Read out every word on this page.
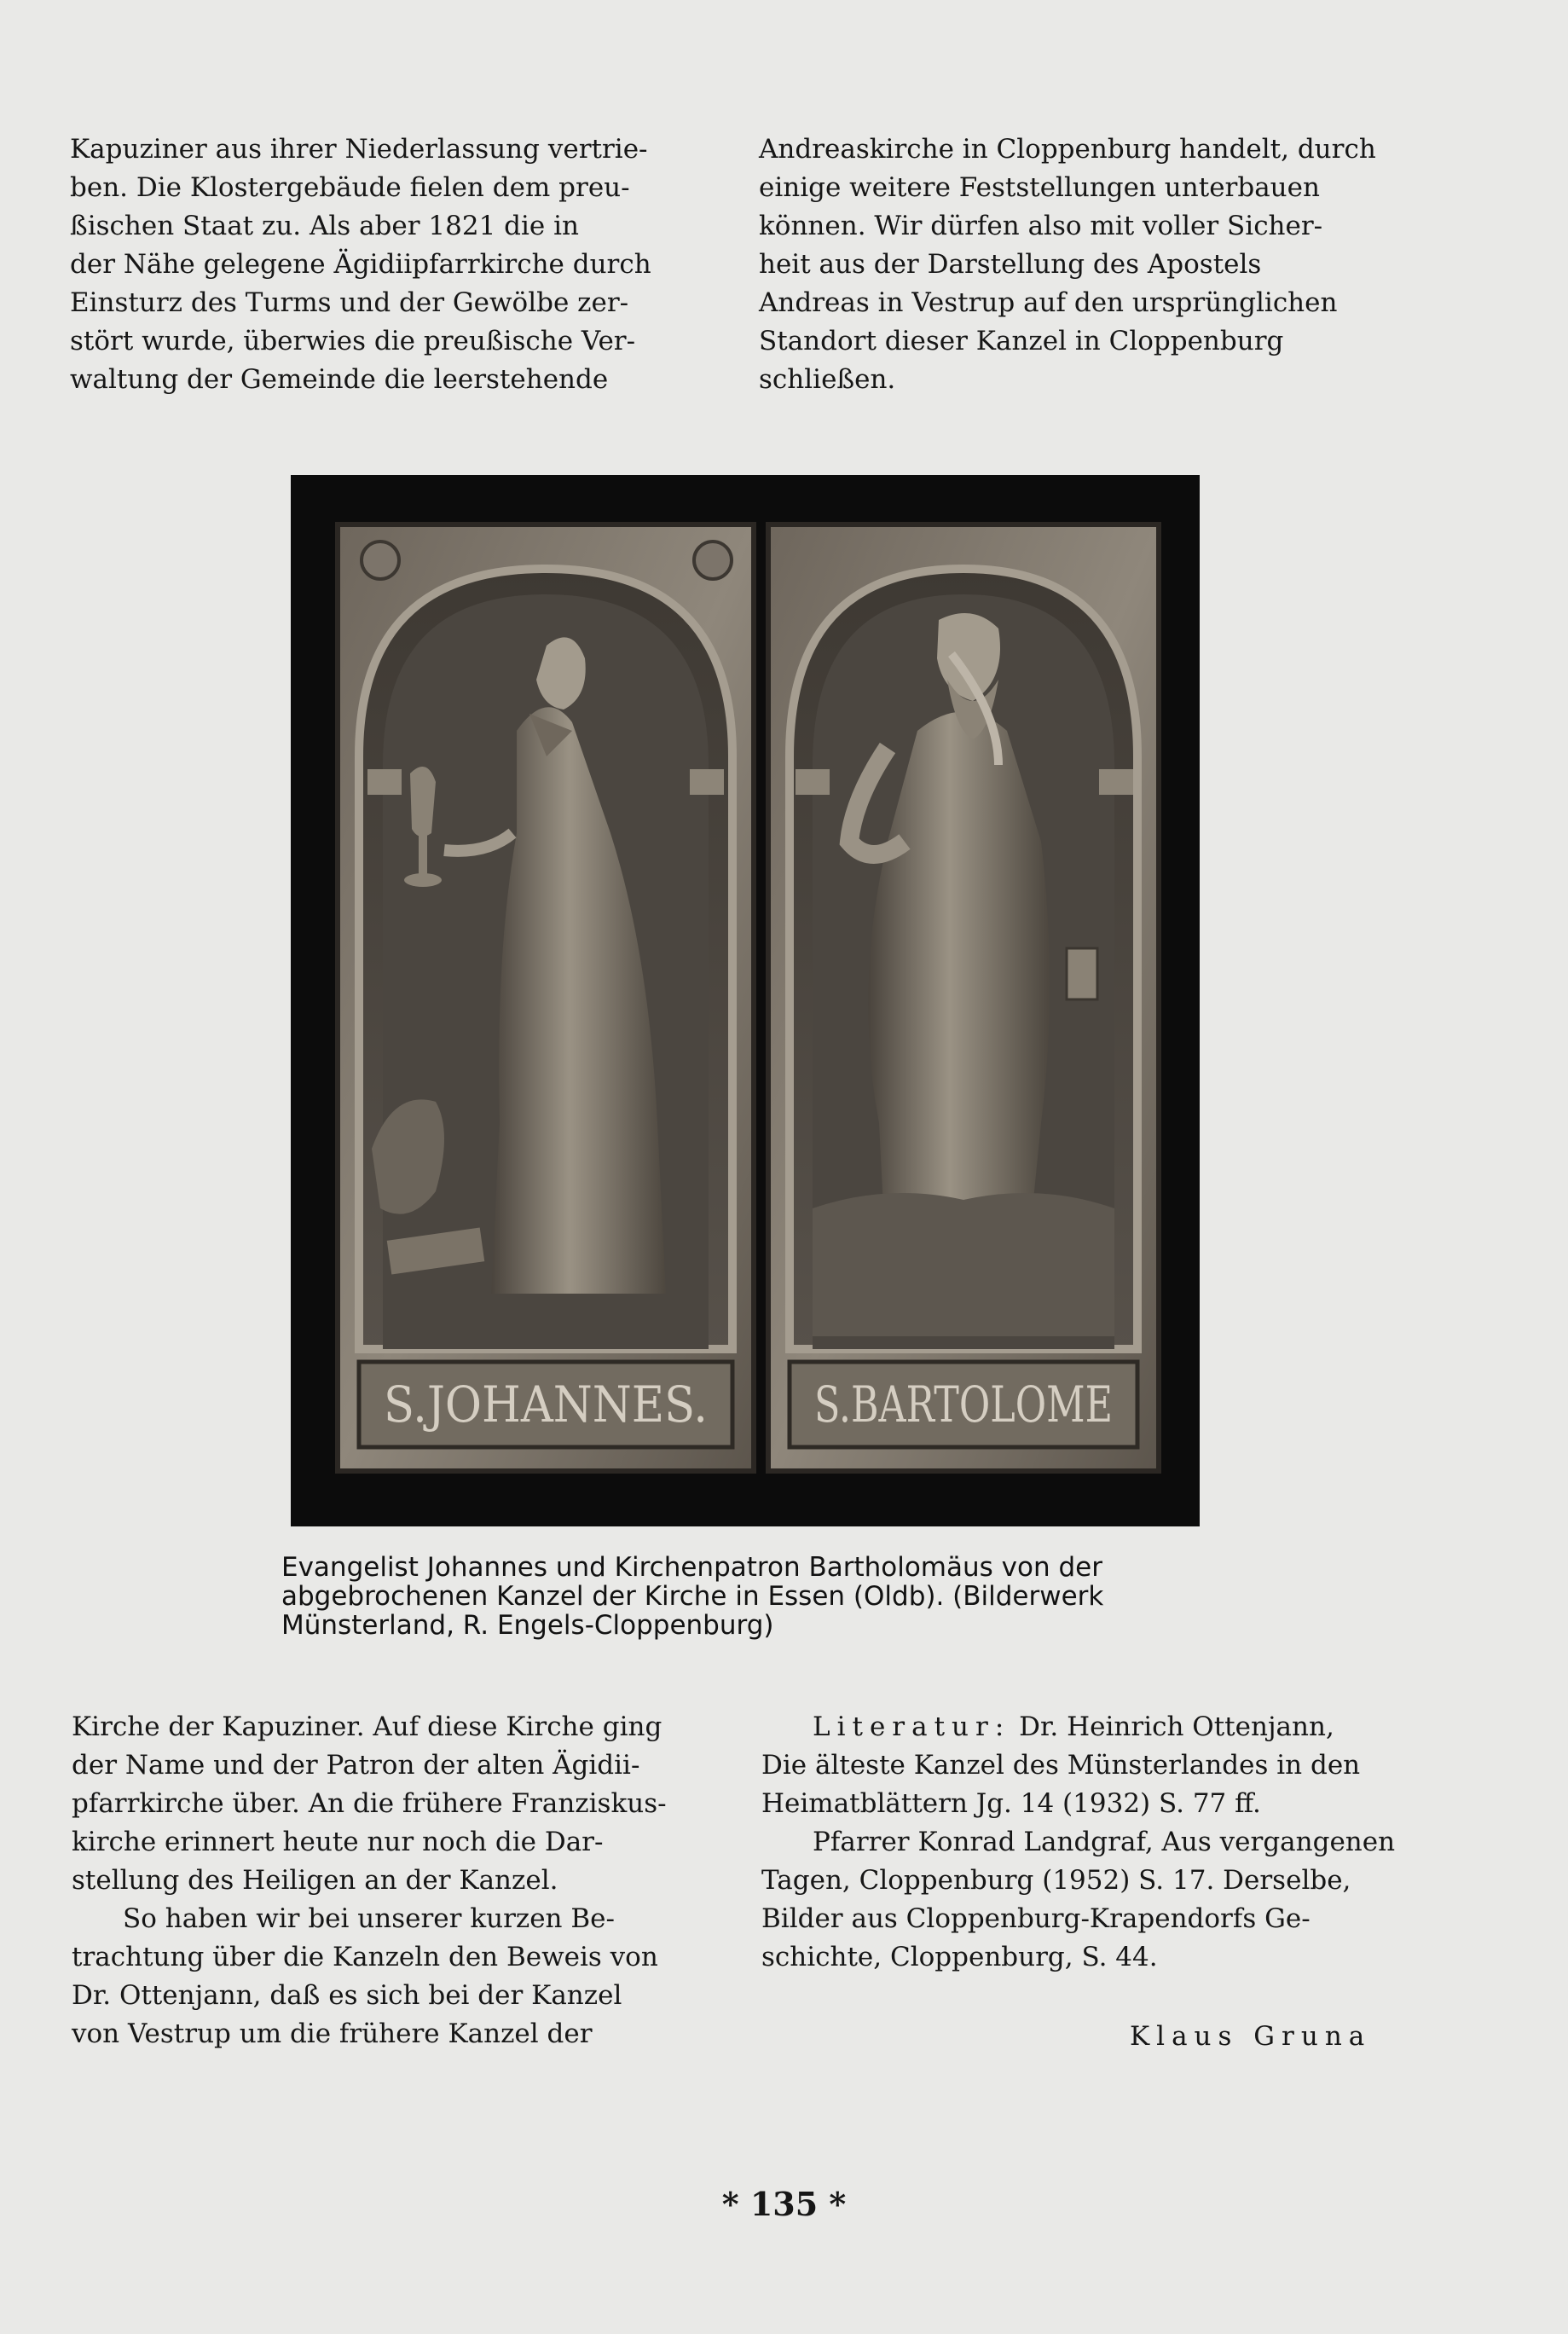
Kapuziner aus ihrer Niederlassung vertrie-
ben. Die Klostergebäude fielen dem preu-
ßischen Staat zu. Als aber 1821 die in
der Nähe gelegene Ägidiipfarrkirche durch
Einsturz des Turms und der Gewölbe zer-
stört wurde, überwies die preußische Ver-
waltung der Gemeinde die leerstehende

Andreaskirche in Cloppenburg handelt, durch
einige weitere Feststellungen unterbauen
können. Wir dürfen also mit voller Sicher-
heit aus der Darstellung des Apostels
Andreas in Vestrup auf den ursprünglichen
Standort dieser Kanzel in Cloppenburg
schließen.

S.JOHANNES. S.BARTOLOME
Evangelist Johannes und Kirchenpatron Bartholomäus von der
abgebrochenen Kanzel der Kirche in Essen (Oldb). (Bilderwerk
Münsterland, R. Engels-Cloppenburg)

Kirche der Kapuziner. Auf diese Kirche ging
der Name und der Patron der alten Ägidii-
pfarrkirche über. An die frühere Franziskus-
kirche erinnert heute nur noch die Dar-
stellung des Heiligen an der Kanzel.

So haben wir bei unserer kurzen Be-
trachtung über die Kanzeln den Beweis von
Dr. Ottenjann, daß es sich bei der Kanzel
von Vestrup um die frühere Kanzel der

Literatur: Dr. Heinrich Ottenjann,
Die älteste Kanzel des Münsterlandes in den
Heimatblättern Jg. 14 (1932) S. 77 ff.

Pfarrer Konrad Landgraf, Aus vergangenen
Tagen, Cloppenburg (1952) S. 17. Derselbe,
Bilder aus Cloppenburg-Krapendorfs Ge-
schichte, Cloppenburg, S. 44.

Klaus Gruna
* 135 *
